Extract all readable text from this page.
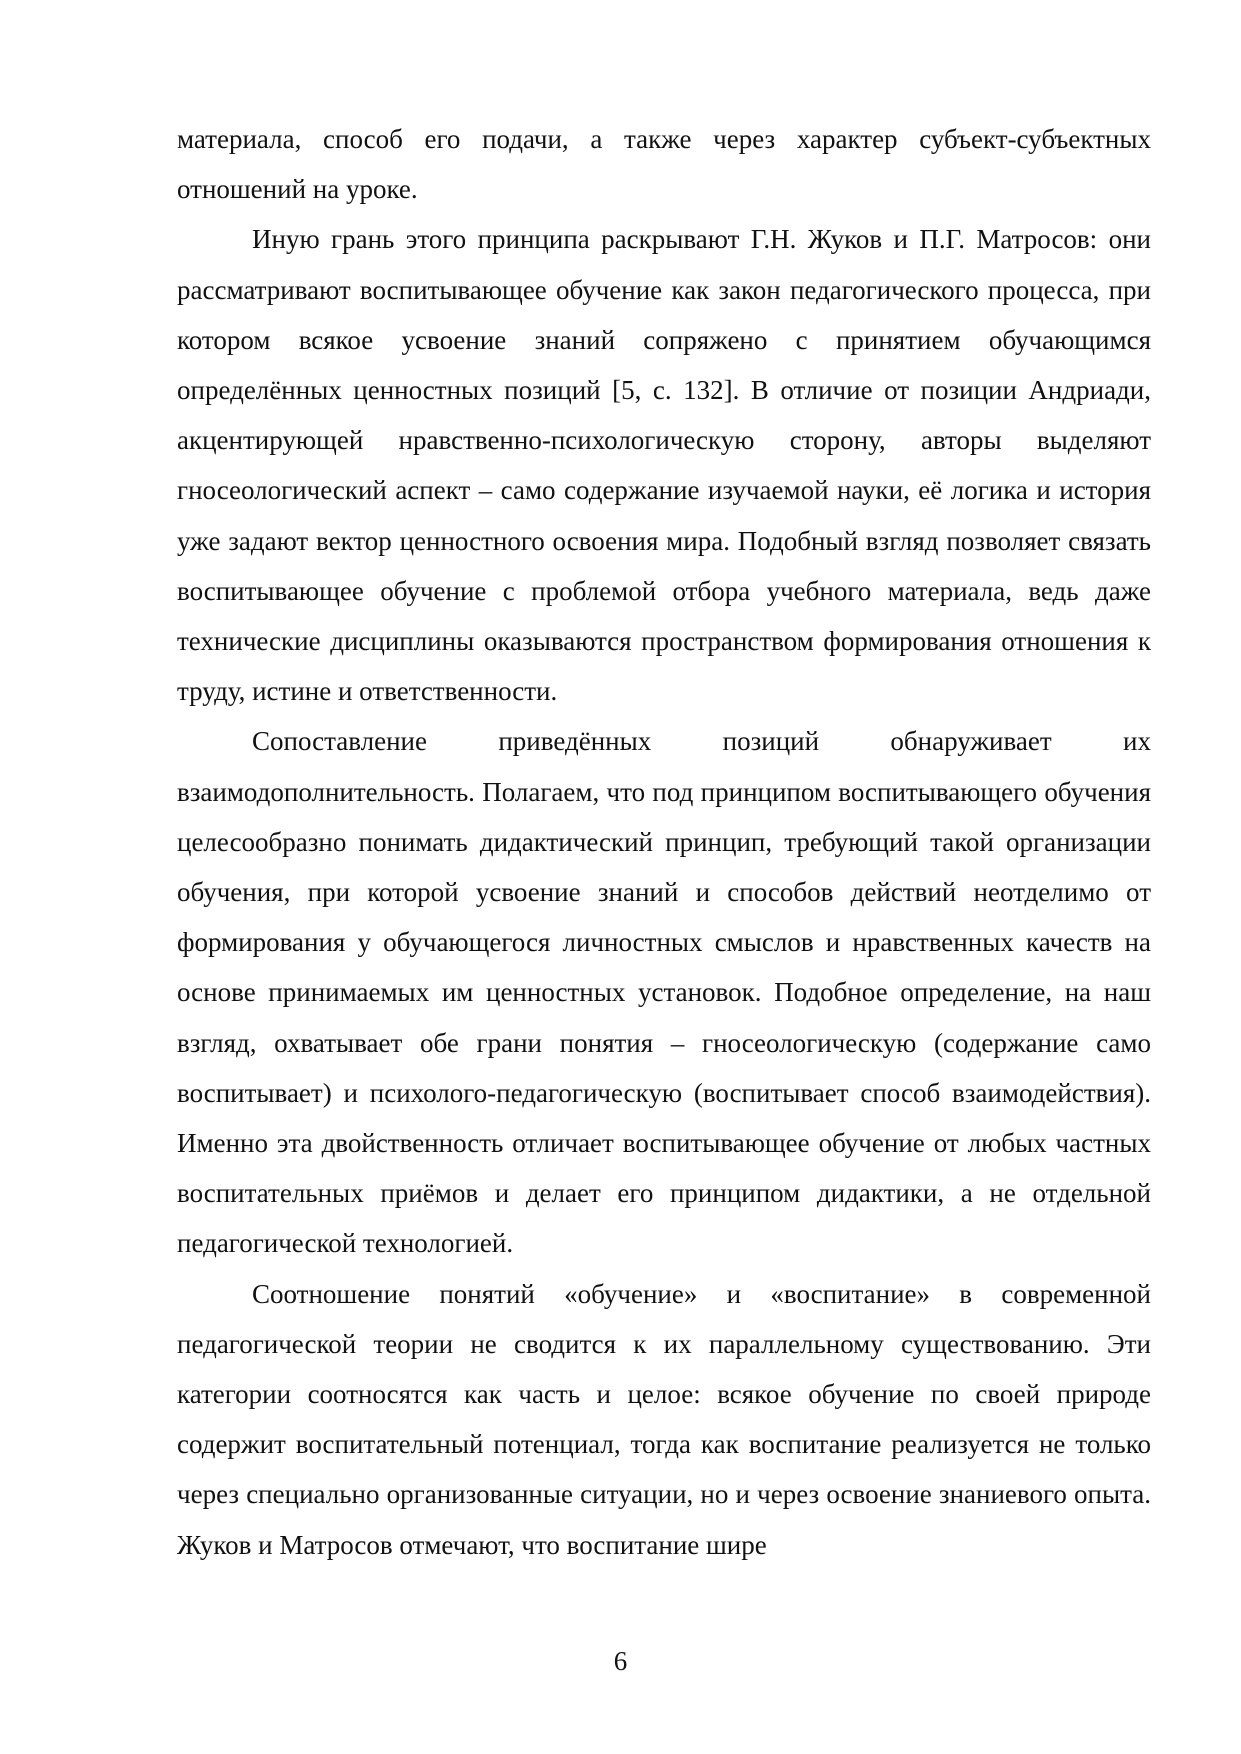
материала, способ его подачи, а также через характер субъект-субъектных отношений на уроке.

Иную грань этого принципа раскрывают Г.Н. Жуков и П.Г. Матросов: они рассматривают воспитывающее обучение как закон педагогического процесса, при котором всякое усвоение знаний сопряжено с принятием обучающимся определённых ценностных позиций [5, с. 132]. В отличие от позиции Андриади, акцентирующей нравственно-психологическую сторону, авторы выделяют гносеологический аспект – само содержание изучаемой науки, её логика и история уже задают вектор ценностного освоения мира. Подобный взгляд позволяет связать воспитывающее обучение с проблемой отбора учебного материала, ведь даже технические дисциплины оказываются пространством формирования отношения к труду, истине и ответственности.

Сопоставление приведённых позиций обнаруживает их взаимодополнительность. Полагаем, что под принципом воспитывающего обучения целесообразно понимать дидактический принцип, требующий такой организации обучения, при которой усвоение знаний и способов действий неотделимо от формирования у обучающегося личностных смыслов и нравственных качеств на основе принимаемых им ценностных установок. Подобное определение, на наш взгляд, охватывает обе грани понятия – гносеологическую (содержание само воспитывает) и психолого-педагогическую (воспитывает способ взаимодействия). Именно эта двойственность отличает воспитывающее обучение от любых частных воспитательных приёмов и делает его принципом дидактики, а не отдельной педагогической технологией.

Соотношение понятий «обучение» и «воспитание» в современной педагогической теории не сводится к их параллельному существованию. Эти категории соотносятся как часть и целое: всякое обучение по своей природе содержит воспитательный потенциал, тогда как воспитание реализуется не только через специально организованные ситуации, но и через освоение знаниевого опыта. Жуков и Матросов отмечают, что воспитание шире

6
